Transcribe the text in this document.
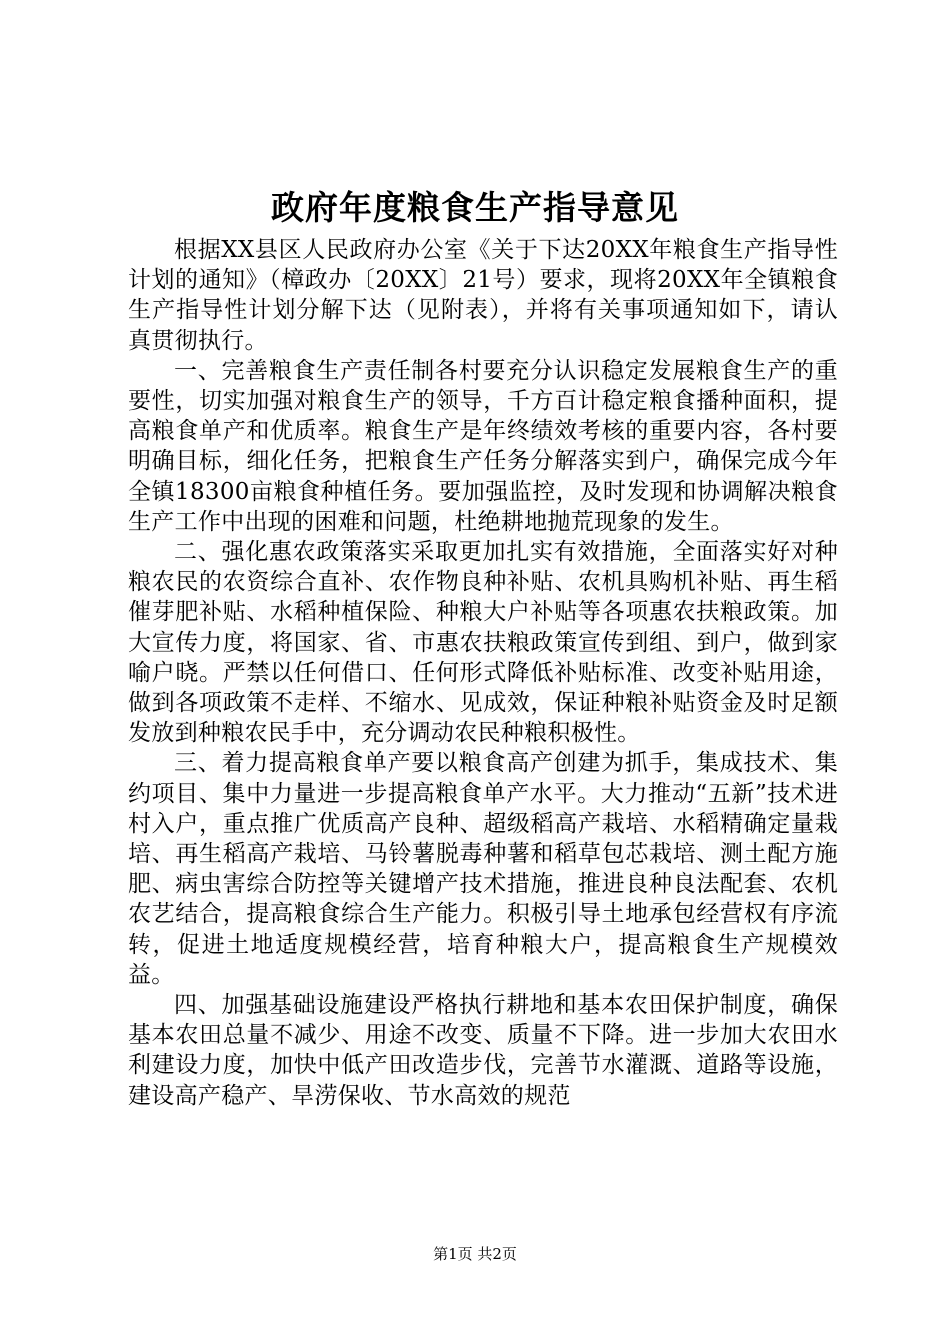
政府年度粮食生产指导意见

根据XX县区人民政府办公室《关于下达20XX年粮食生产指导性计划的通知》（樟政办〔20XX〕21号）要求，现将20XX年全镇粮食生产指导性计划分解下达（见附表），并将有关事项通知如下，请认真贯彻执行。

一、完善粮食生产责任制各村要充分认识稳定发展粮食生产的重要性，切实加强对粮食生产的领导，千方百计稳定粮食播种面积，提高粮食单产和优质率。粮食生产是年终绩效考核的重要内容，各村要明确目标，细化任务，把粮食生产任务分解落实到户，确保完成今年全镇18300亩粮食种植任务。要加强监控，及时发现和协调解决粮食生产工作中出现的困难和问题，杜绝耕地抛荒现象的发生。

二、强化惠农政策落实采取更加扎实有效措施，全面落实好对种粮农民的农资综合直补、农作物良种补贴、农机具购机补贴、再生稻催芽肥补贴、水稻种植保险、种粮大户补贴等各项惠农扶粮政策。加大宣传力度，将国家、省、市惠农扶粮政策宣传到组、到户，做到家喻户晓。严禁以任何借口、任何形式降低补贴标准、改变补贴用途，做到各项政策不走样、不缩水、见成效，保证种粮补贴资金及时足额发放到种粮农民手中，充分调动农民种粮积极性。

三、着力提高粮食单产要以粮食高产创建为抓手，集成技术、集约项目、集中力量进一步提高粮食单产水平。大力推动“五新”技术进村入户，重点推广优质高产良种、超级稻高产栽培、水稻精确定量栽培、再生稻高产栽培、马铃薯脱毒种薯和稻草包芯栽培、测土配方施肥、病虫害综合防控等关键增产技术措施，推进良种良法配套、农机农艺结合，提高粮食综合生产能力。积极引导土地承包经营权有序流转，促进土地适度规模经营，培育种粮大户，提高粮食生产规模效益。

四、加强基础设施建设严格执行耕地和基本农田保护制度，确保基本农田总量不减少、用途不改变、质量不下降。进一步加大农田水利建设力度，加快中低产田改造步伐，完善节水灌溉、道路等设施，建设高产稳产、旱涝保收、节水高效的规范

第1页 共2页
